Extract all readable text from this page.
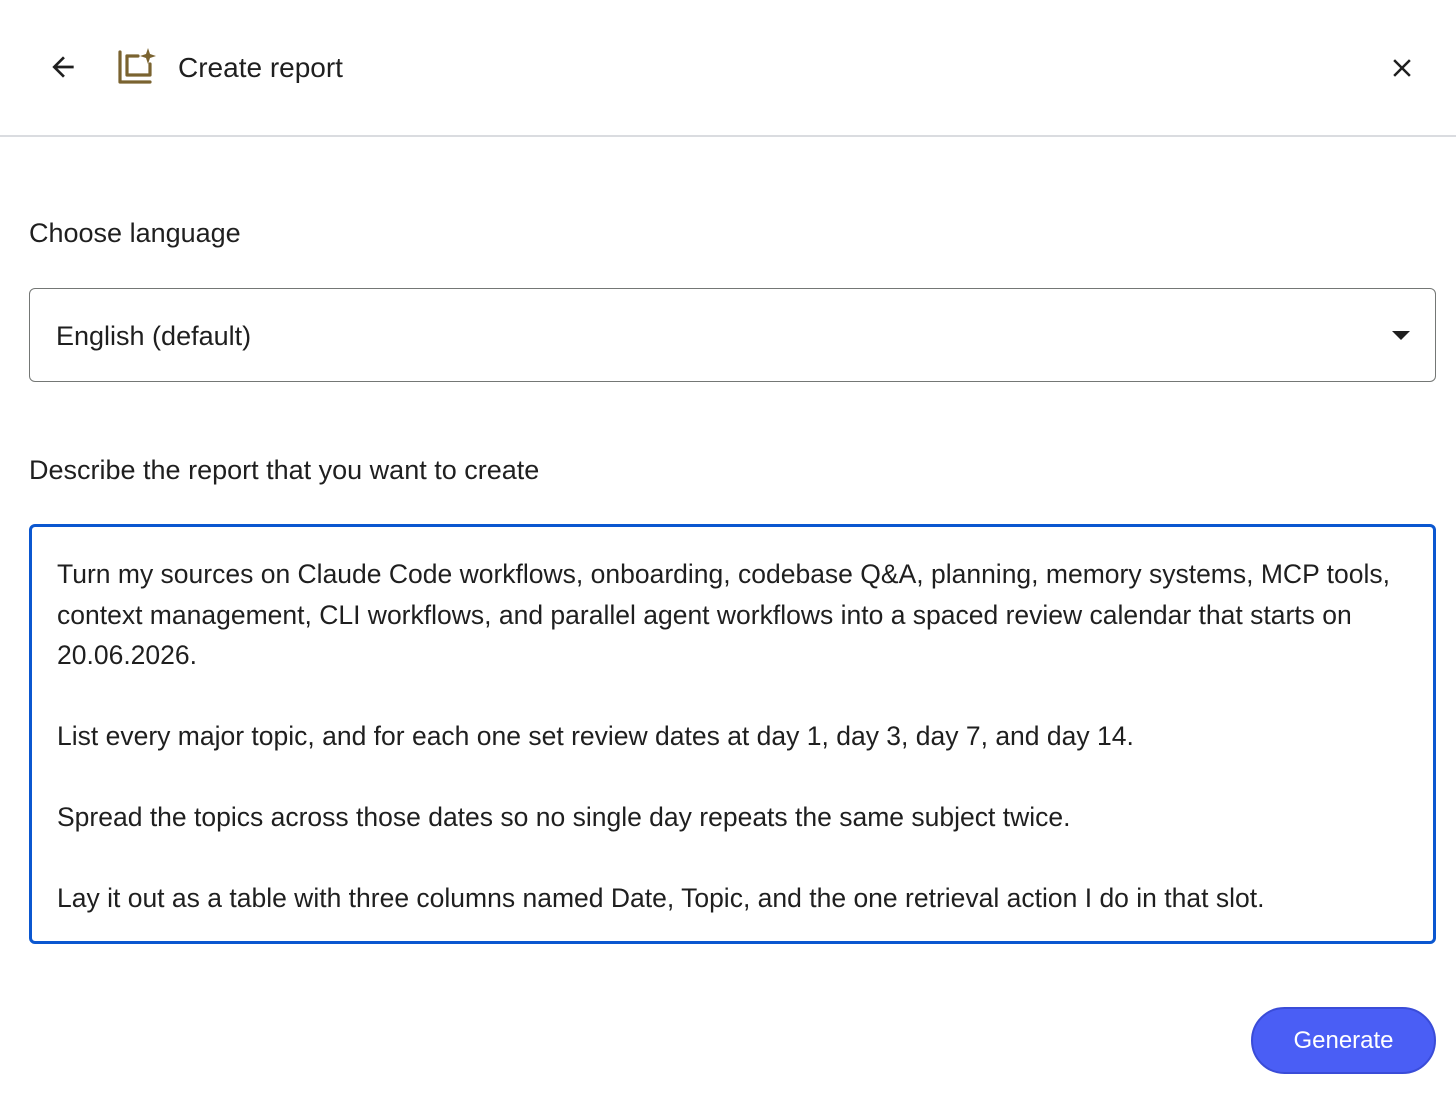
Create report
Choose language
English (default)
Describe the report that you want to create

Turn my sources on Claude Code workflows, onboarding, codebase Q&A, planning, memory systems, MCP tools, context management, CLI workflows, and parallel agent workflows into a spaced review calendar that starts on 20.06.2026.

List every major topic, and for each one set review dates at day 1, day 3, day 7, and day 14.

Spread the topics across those dates so no single day repeats the same subject twice.

Lay it out as a table with three columns named Date, Topic, and the one retrieval action I do in that slot.

Generate
